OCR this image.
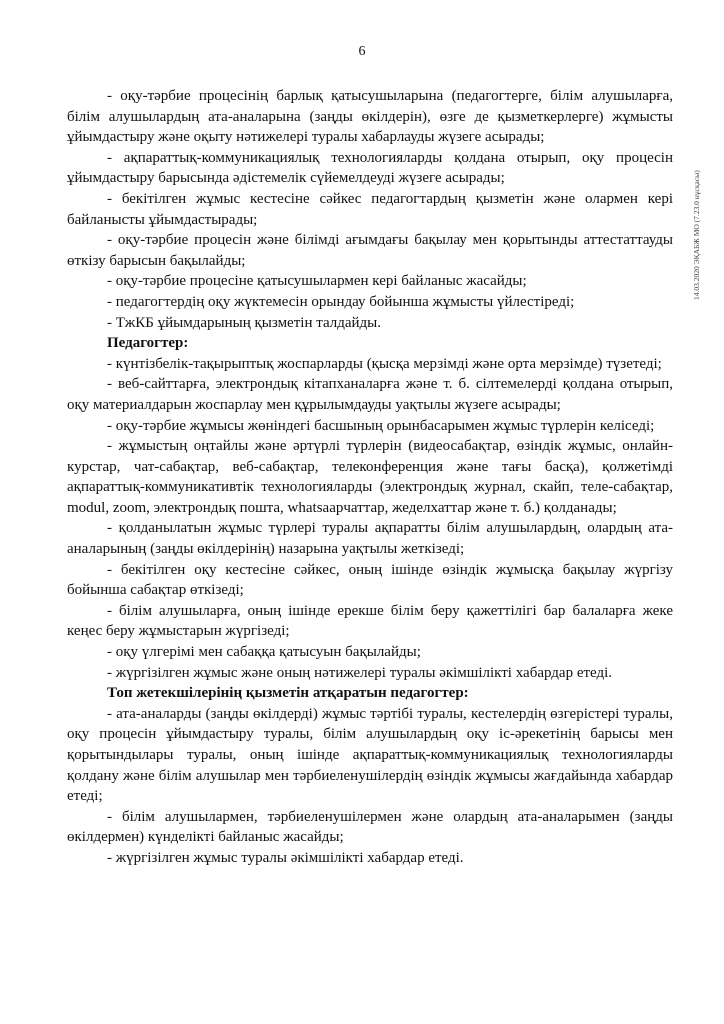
6
14.03.2020 ЭҚАБЖ МО (7.23.0 нұсқасы)

- оқу-тәрбие процесінің барлық қатысушыларына (педагогтерге, білім алушыларға, білім алушылардың ата-аналарына (заңды өкілдерін), өзге де қызметкерлерге) жұмысты ұйымдастыру және оқыту нәтижелері туралы хабарлауды жүзеге асырады;

- ақпараттық-коммуникациялық технологияларды қолдана отырып, оқу процесін ұйымдастыру барысында әдістемелік сүйемелдеуді жүзеге асырады;

- бекітілген жұмыс кестесіне сәйкес педагогтардың қызметін және олармен кері байланысты ұйымдастырады;

- оқу-тәрбие процесін және білімді ағымдағы бақылау мен қорытынды аттестаттауды өткізу барысын бақылайды;

- оқу-тәрбие процесіне қатысушылармен кері байланыс жасайды;

- педагогтердің оқу жүктемесін орындау бойынша жұмысты үйлестіреді;

- ТжКБ ұйымдарының қызметін талдайды.

Педагогтер:

- күнтізбелік-тақырыптық жоспарларды (қысқа мерзімді және орта мерзімде) түзетеді;

- веб-сайттарға, электрондық кітапханаларға және т. б. сілтемелерді қолдана отырып, оқу материалдарын жоспарлау мен құрылымдауды уақтылы жүзеге асырады;

- оқу-тәрбие жұмысы жөніндегі басшының орынбасарымен жұмыс түрлерін келіседі;

- жұмыстың оңтайлы және әртүрлі түрлерін (видеосабақтар, өзіндік жұмыс, онлайн-курстар, чат-сабақтар, веб-сабақтар, телеконференция және тағы басқа), қолжетімді ақпараттық-коммуникативтік технологияларды (электрондық журнал, скайп, теле-сабақтар, modul, zoom, электрондық пошта, whatsaapчаттар, жеделхаттар және т. б.) қолданады;

- қолданылатын жұмыс түрлері туралы ақпаратты білім алушылардың, олардың ата-аналарының (заңды өкілдерінің) назарына уақтылы жеткізеді;

- бекітілген оқу кестесіне сәйкес, оның ішінде өзіндік жұмысқа бақылау жүргізу бойынша сабақтар өткізеді;

- білім алушыларға, оның ішінде ерекше білім беру қажеттілігі бар балаларға жеке кеңес беру жұмыстарын жүргізеді;

- оқу үлгерімі мен сабаққа қатысуын бақылайды;

- жүргізілген жұмыс және оның нәтижелері туралы әкімшілікті хабардар етеді.

Топ жетекшілерінің қызметін атқаратын педагогтер:

- ата-аналарды (заңды өкілдерді) жұмыс тәртібі туралы, кестелердің өзгерістері туралы, оқу процесін ұйымдастыру туралы, білім алушылардың оқу іс-әрекетінің барысы мен қорытындылары туралы, оның ішінде ақпараттық-коммуникациялық технологияларды қолдану және білім алушылар мен тәрбиеленушілердің өзіндік жұмысы жағдайында хабардар етеді;

- білім алушылармен, тәрбиеленушілермен және олардың ата-аналарымен (заңды өкілдермен) күнделікті байланыс жасайды;

- жүргізілген жұмыс туралы әкімшілікті хабардар етеді.
